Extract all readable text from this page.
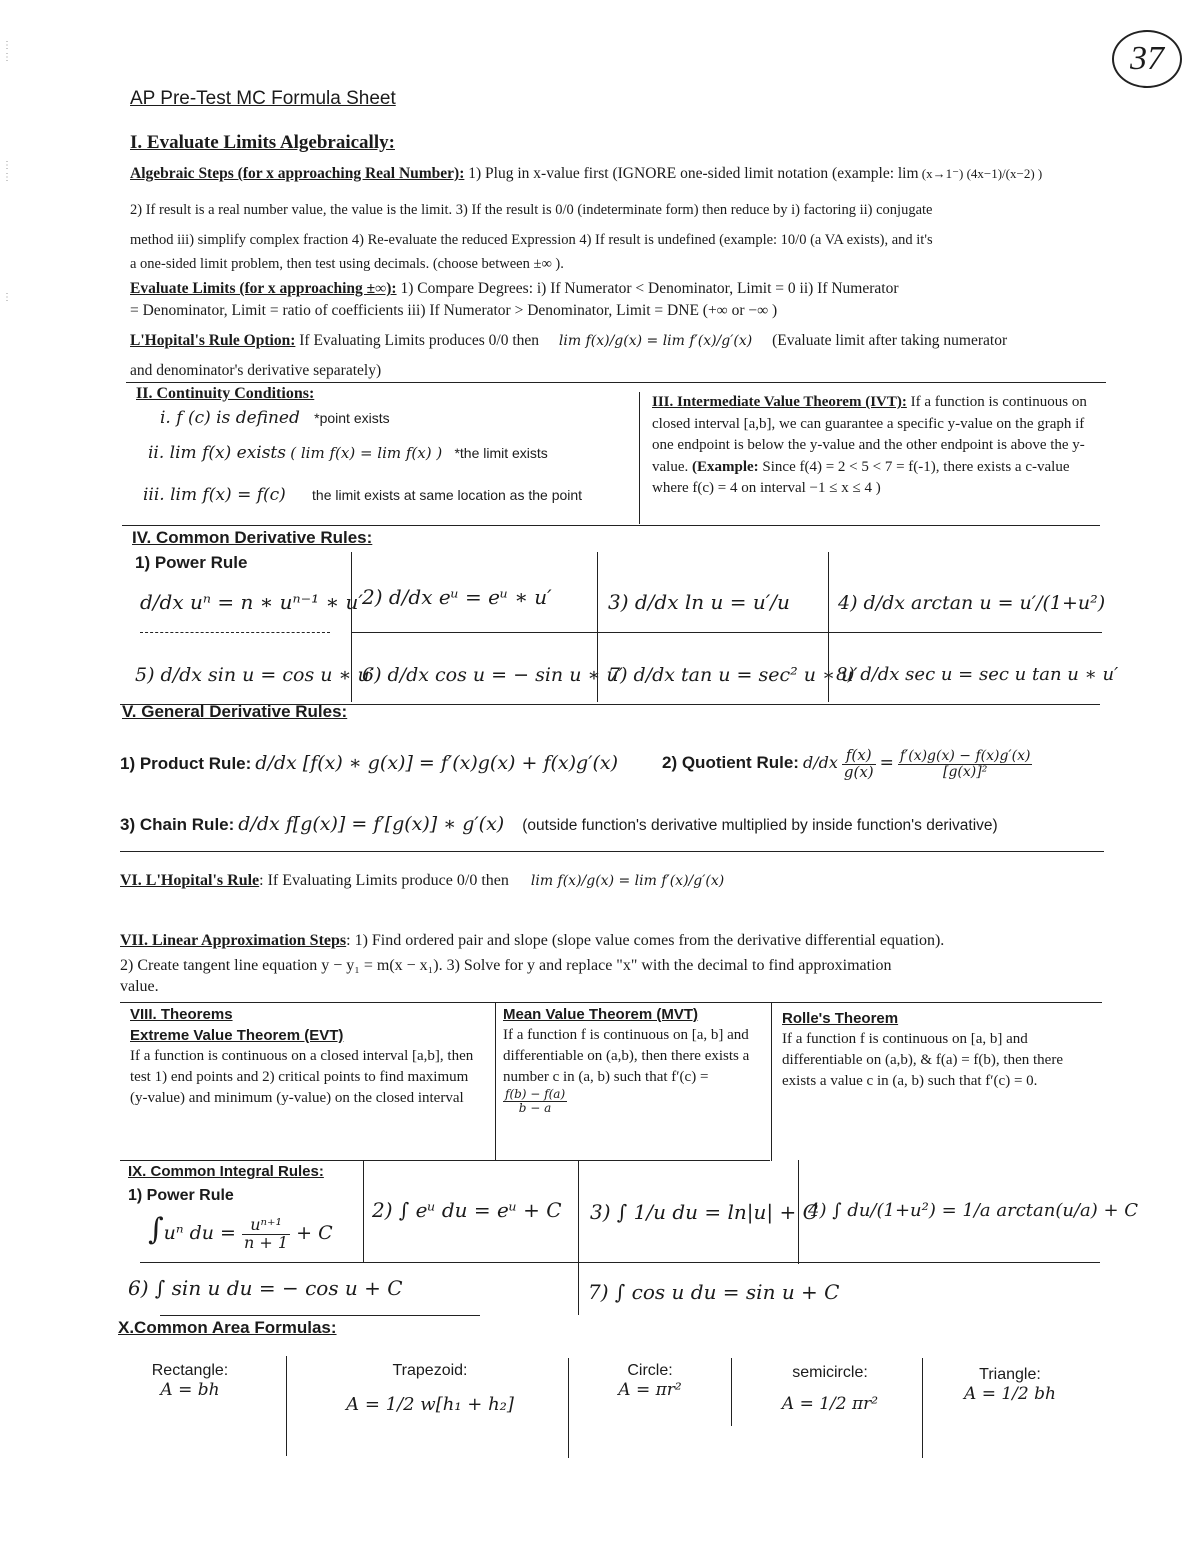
37
⋮
⋮

⋮
⋮

⋮
AP Pre-Test MC Formula Sheet
I. Evaluate Limits Algebraically:
Algebraic Steps (for x approaching Real Number): 1) Plug in x-value first (IGNORE one-sided limit notation (example: lim (x→1⁻) (4x−1)/(x−2) )
2) If result is a real number value, the value is the limit. 3) If the result is 0/0 (indeterminate form) then reduce by i) factoring ii) conjugate
method iii) simplify complex fraction 4) Re-evaluate the reduced Expression 4) If result is undefined (example: 10/0 (a VA exists), and it's
a one-sided limit problem, then test using decimals. (choose between ±∞ ).
Evaluate Limits (for x approaching ±∞): 1) Compare Degrees: i) If Numerator < Denominator, Limit = 0 ii) If Numerator
= Denominator, Limit = ratio of coefficients iii) If Numerator > Denominator, Limit = DNE (+∞ or −∞ )
L'Hopital's Rule Option: If Evaluating Limits produces 0/0 then lim f(x)/g(x) = lim f′(x)/g′(x) (Evaluate limit after taking numerator
and denominator's derivative separately)
II. Continuity Conditions:
i. f (c) is defined *point exists
ii. lim f(x) exists ( lim f(x) = lim f(x) ) *the limit exists
iii. lim f(x) = f(c) the limit exists at same location as the point
III. Intermediate Value Theorem (IVT): If a function is continuous on closed interval [a,b], we can guarantee a specific y-value on the graph if one endpoint is below the y-value and the other endpoint is above the y-value. (Example: Since f(4) = 2 < 5 < 7 = f(-1), there exists a c-value where f(c) = 4 on interval −1 ≤ x ≤ 4 )
IV. Common Derivative Rules:
1) Power Rule
d/dx uⁿ = n ∗ uⁿ⁻¹ ∗ u′ 2) d/dx eᵘ = eᵘ ∗ u′	3) d/dx ln u = u′/u	4) d/dx arctan u = u′/(1+u²)
5) d/dx sin u = cos u ∗ u′
6) d/dx cos u = − sin u ∗ u′
7) d/dx tan u = sec² u ∗ u′
8) d/dx sec u = sec u tan u ∗ u′
V. General Derivative Rules:
1) Product Rule: d/dx [f(x) ∗ g(x)] = f′(x)g(x) + f(x)g′(x)	2) Quotient Rule: $d/dx \frac{f(x)}{g(x)} = \frac{f'(x)g(x) - f(x)g'(x)}{\text{[g(x)]²}}$
3) Chain Rule: d/dx f[g(x)] = f′[g(x)] ∗ g′(x) (outside function's derivative multiplied by inside function's derivative)
VI. L'Hopital's Rule: If Evaluating Limits produce 0/0 then lim f(x)/g(x) = lim f′(x)/g′(x)
VII. Linear Approximation Steps: 1) Find ordered pair and slope (slope value comes from the derivative differential equation).
2) Create tangent line equation y − y₁ = m(x − x₁). 3) Solve for y and replace "x" with the decimal to find approximation
value.
VIII. Theorems
Extreme Value Theorem (EVT)
If a function is continuous on a closed interval [a,b], then test 1) end points and 2) critical points to find maximum (y-value) and minimum (y-value) on the closed interval
Mean Value Theorem (MVT)
If a function f is continuous on [a, b] and differentiable on (a,b), then there exists a number c in (a, b) such that f′(c) =
$\frac{f(b) - f(a)}{b - a}$
Rolle's Theorem
If a function f is continuous on [a, b] and differentiable on (a,b), & f(a) = f(b), then there exists a value c in (a, b) such that f′(c) = 0.
IX. Common Integral Rules:
1) Power Rule
∫uⁿ du = $\frac{\text{uⁿ⁺¹}}{n + 1} + C$
2) ∫ eᵘ du = eᵘ + C 3) ∫ 1/u du = ln|u| + C
4) ∫ du/(1+u²) = 1/a arctan(u/a) + C
6) ∫ sin u du = − cos u + C	7) ∫ cos u du = sin u + C
X.Common Area Formulas:
Rectangle:
A = bh
Trapezoid:
A = 1/2 w[h₁ + h₂]
Circle:
A = πr²
semicircle:
A = 1/2 πr²
Triangle:
A = 1/2 bh
